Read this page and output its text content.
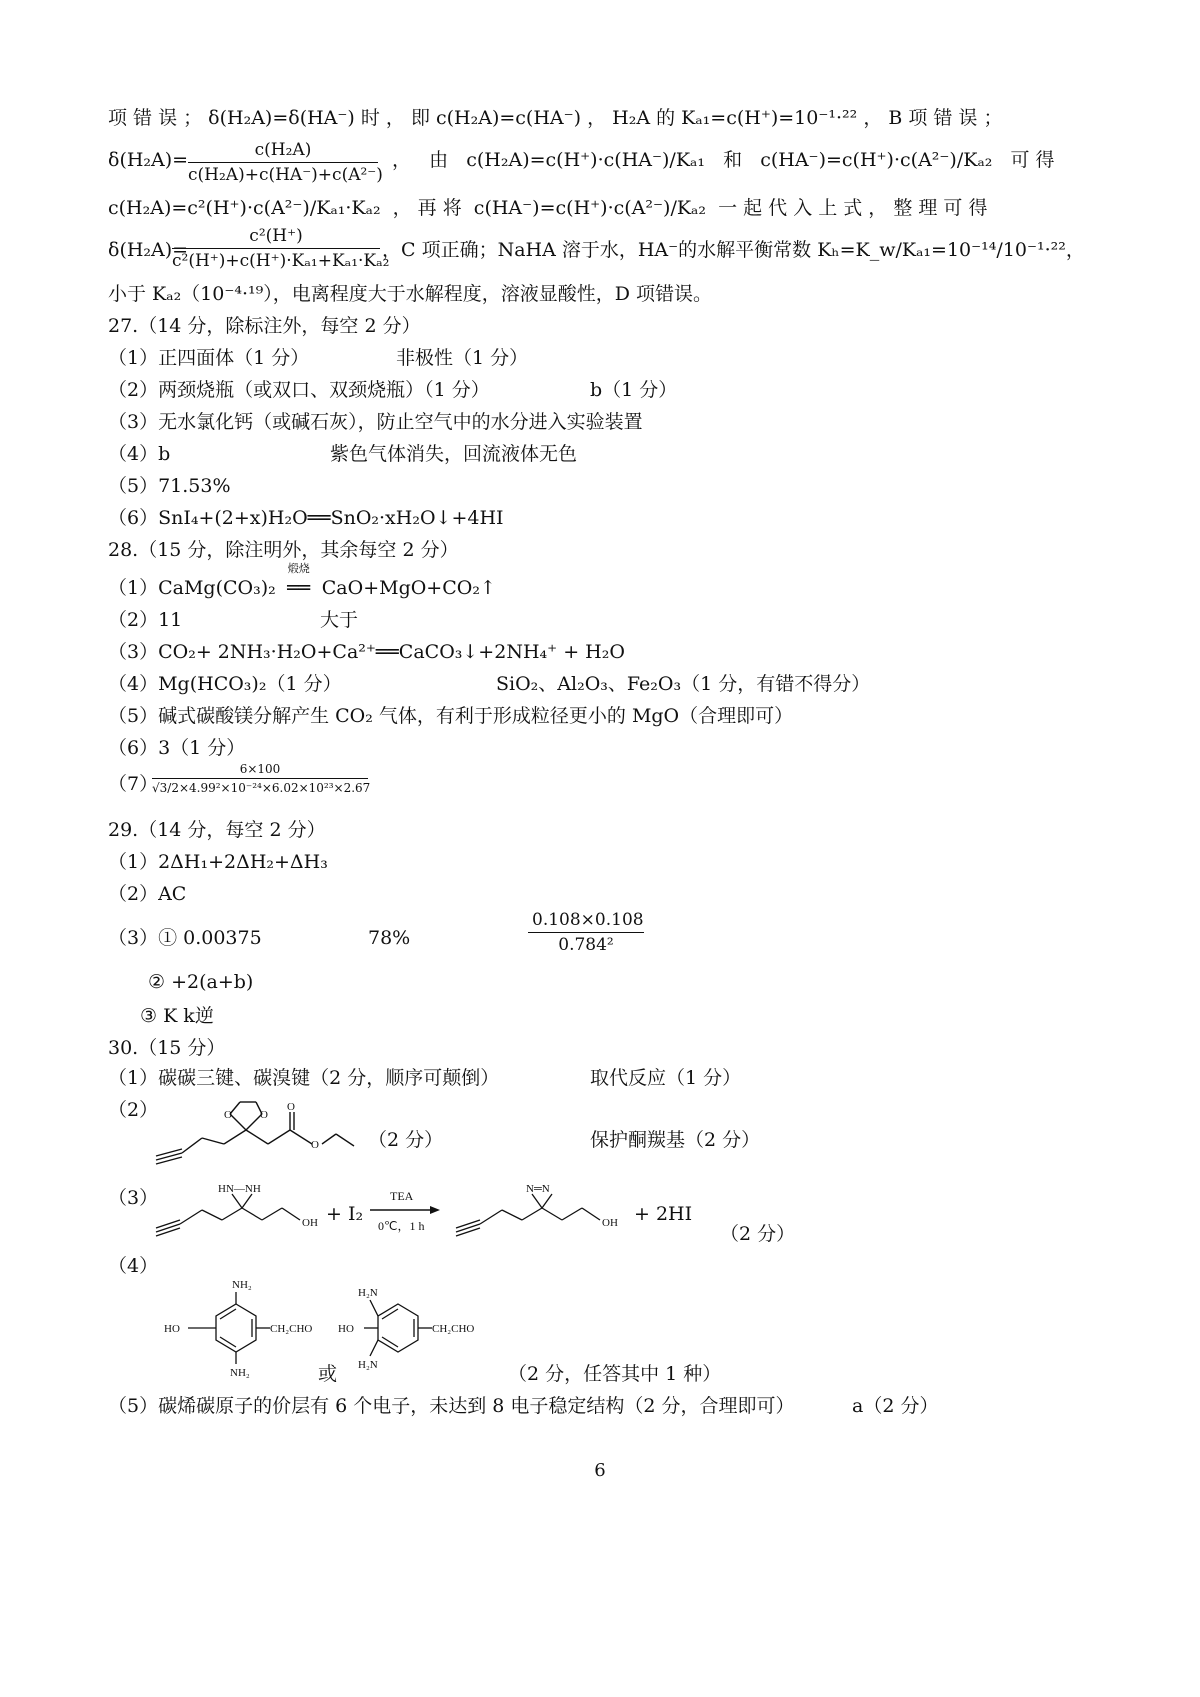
项 错 误 ； δ(H₂A)=δ(HA⁻) 时 ， 即 c(H₂A)=c(HA⁻) ， H₂A 的 Kₐ₁=c(H⁺)=10⁻¹·²² ， B 项 错 误 ；
$\delta(H_2A)= \frac{\text{c(H₂A)}}{\text{c(H₂A)+c(HA⁻)+c(A²⁻)}}$ ，   由   c(H₂A)=c(H⁺)·c(HA⁻)/Kₐ₁   和   c(HA⁻)=c(H⁺)·c(A²⁻)/Kₐ₂   可 得
c(H₂A)=c²(H⁺)·c(A²⁻)/Kₐ₁·Kₐ₂  ， 再 将  c(HA⁻)=c(H⁺)·c(A²⁻)/Kₐ₂  一 起 代 入 上 式 ， 整 理 可 得
δ(H₂A)=
$\frac{\text{c²(H⁺)}}{\text{c²(H⁺)+c(H⁺)·Kₐ₁+Kₐ₁·Kₐ₂}}$ ，C 项正确；NaHA 溶于水，HA⁻的水解平衡常数 Kₕ=K_w/Kₐ₁=10⁻¹⁴/10⁻¹·²²，
小于 Kₐ₂（10⁻⁴·¹⁹），电离程度大于水解程度，溶液显酸性，D 项错误。
27.（14 分，除标注外，每空 2 分）
（1）正四面体（1 分）	非极性（1 分）
（2）两颈烧瓶（或双口、双颈烧瓶）（1 分）	b（1 分）
（3）无水氯化钙（或碱石灰），防止空气中的水分进入实验装置
（4）b	紫色气体消失，回流液体无色
（5）71.53%
（6）SnI₄+(2+x)H₂O══SnO₂·xH₂O↓+4HI
28.（15 分，除注明外，其余每空 2 分）
（1）CaMg(CO₃)₂
煅烧
══ CaO+MgO+CO₂↑
（2）11	大于
（3）CO₂+ 2NH₃·H₂O+Ca²⁺══CaCO₃↓+2NH₄⁺ + H₂O
（4）Mg(HCO₃)₂（1 分）	SiO₂、Al₂O₃、Fe₂O₃（1 分，有错不得分）
（5）碱式碳酸镁分解产生 CO₂ 气体，有利于形成粒径更小的 MgO（合理即可）
（6）3（1 分）
（7）
$\frac{6\times 100}{\text{√3/2×4.99²×10⁻²⁴×6.02×10²³×2.67}}$
29.（14 分，每空 2 分）
（1）2ΔH₁+2ΔH₂+ΔH₃
（2）AC
（3）① 0.00375	78%	$\frac{0.108\times 0.108}{\text{0.784²}}$
② +2(a+b)
③ K k逆
30.（15 分）
（1）碳碳三键、碳溴键（2 分，顺序可颠倒）	取代反应（1 分）
（2）	O	O
O
O	（2 分）	保护酮羰基（2 分）
（3）	HN—NH
OH + I₂
TEA
0℃，1 h
N═N
OH + 2HI
（2 分）
（4）
NH₂
NH₂
HO	CH₂CHO
或
H₂N
H₂N
HO	CH₂CHO
（2 分，任答其中 1 种）
（5）碳烯碳原子的价层有 6 个电子，未达到 8 电子稳定结构（2 分，合理即可）	a（2 分）
6
